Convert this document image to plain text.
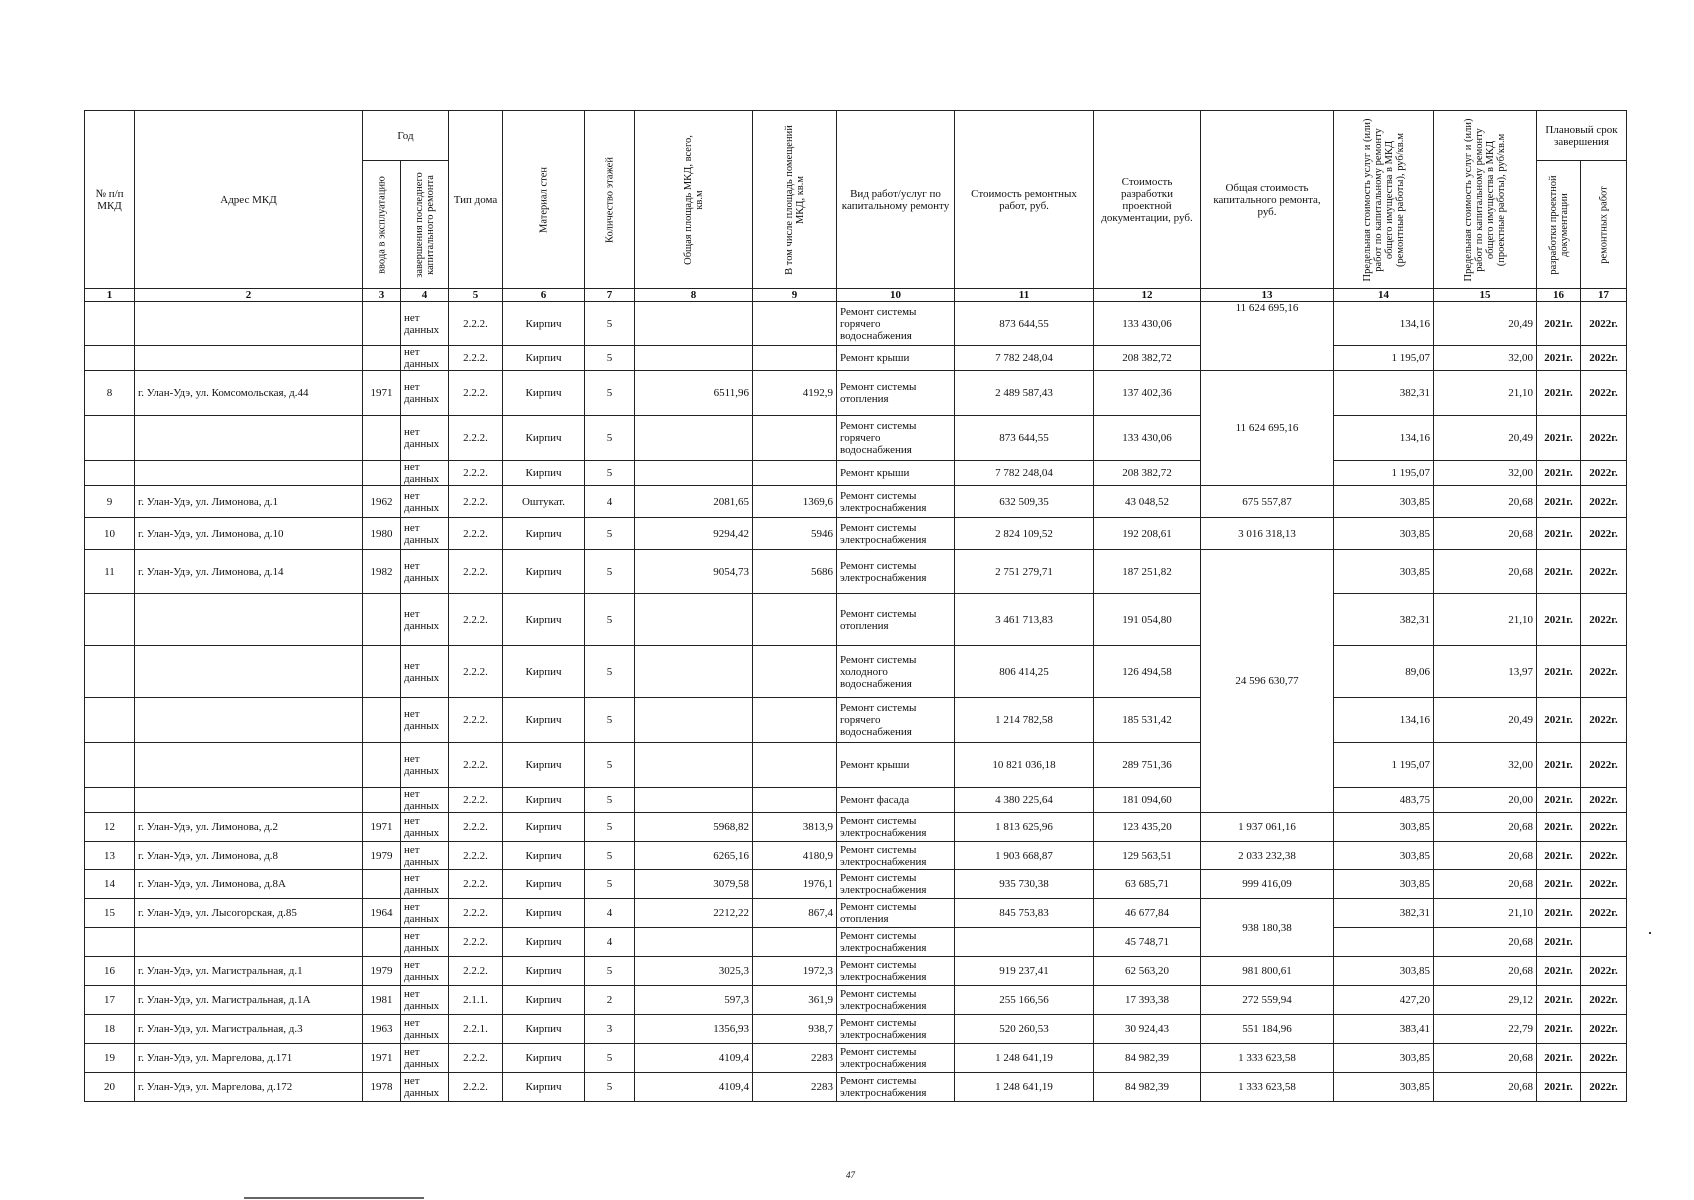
№ п/п МКД	Адрес МКД	Год		Тип дома	Материал стен	Количество этажей	Общая площадь МКД, всего, кв.м	В том числе площадь помещений МКД, кв.м	Вид работ/услуг по капитальному ремонту	Стоимость ремонтных работ, руб.	Стоимость разработки проектной документации, руб.	Общая стоимость капитального ремонта, руб.	Предельная стоимость услуг и (или) работ по капитальному ремонту общего имущества в МКД (ремонтные работы), руб/кв.м	Предельная стоимость услуг и (или) работ по капитальному ремонту общего имущества в МКД (проектные работы), руб/кв.м	Плановый срок завершения	

		ввода в эксплуатацию	завершения последнего капитального ремонта												разработки проектной документации	ремонтных работ

1	2	3	4	5	6	7	8	9	10	11	12	13	14	15	16	17
			нет данных	2.2.2.	Кирпич	5			Ремонт системы горячего водоснабжения	873 644,55	133 430,06	11 624 695,16	134,16	20,49	2021г.	2022г.
			нет данных	2.2.2.	Кирпич	5			Ремонт крыши	7 782 248,04	208 382,72		1 195,07	32,00	2021г.	2022г.
8	г. Улан-Удэ, ул. Комсомольская, д.44	1971	нет данных	2.2.2.	Кирпич	5	6511,96	4192,9	Ремонт системы отопления	2 489 587,43	137 402,36	11 624 695,16	382,31	21,10	2021г.	2022г.
			нет данных	2.2.2.	Кирпич	5			Ремонт системы горячего водоснабжения	873 644,55	133 430,06		134,16	20,49	2021г.	2022г.
			нет данных	2.2.2.	Кирпич	5			Ремонт крыши	7 782 248,04	208 382,72		1 195,07	32,00	2021г.	2022г.
9	г. Улан-Удэ, ул. Лимонова, д.1	1962	нет данных	2.2.2.	Оштукат.	4	2081,65	1369,6	Ремонт системы электроснабжения	632 509,35	43 048,52	675 557,87	303,85	20,68	2021г.	2022г.
10	г. Улан-Удэ, ул. Лимонова, д.10	1980	нет данных	2.2.2.	Кирпич	5	9294,42	5946	Ремонт системы электроснабжения	2 824 109,52	192 208,61	3 016 318,13	303,85	20,68	2021г.	2022г.
11	г. Улан-Удэ, ул. Лимонова, д.14	1982	нет данных	2.2.2.	Кирпич	5	9054,73	5686	Ремонт системы электроснабжения	2 751 279,71	187 251,82	24 596 630,77	303,85	20,68	2021г.	2022г.
			нет данных	2.2.2.	Кирпич	5			Ремонт системы отопления	3 461 713,83	191 054,80		382,31	21,10	2021г.	2022г.
			нет данных	2.2.2.	Кирпич	5			Ремонт системы холодного водоснабжения	806 414,25	126 494,58		89,06	13,97	2021г.	2022г.
			нет данных	2.2.2.	Кирпич	5			Ремонт системы горячего водоснабжения	1 214 782,58	185 531,42		134,16	20,49	2021г.	2022г.
			нет данных	2.2.2.	Кирпич	5			Ремонт крыши	10 821 036,18	289 751,36		1 195,07	32,00	2021г.	2022г.
			нет данных	2.2.2.	Кирпич	5			Ремонт фасада	4 380 225,64	181 094,60		483,75	20,00	2021г.	2022г.
12	г. Улан-Удэ, ул. Лимонова, д.2	1971	нет данных	2.2.2.	Кирпич	5	5968,82	3813,9	Ремонт системы электроснабжения	1 813 625,96	123 435,20	1 937 061,16	303,85	20,68	2021г.	2022г.
13	г. Улан-Удэ, ул. Лимонова, д.8	1979	нет данных	2.2.2.	Кирпич	5	6265,16	4180,9	Ремонт системы электроснабжения	1 903 668,87	129 563,51	2 033 232,38	303,85	20,68	2021г.	2022г.
14	г. Улан-Удэ, ул. Лимонова, д.8А		нет данных	2.2.2.	Кирпич	5	3079,58	1976,1	Ремонт системы электроснабжения	935 730,38	63 685,71	999 416,09	303,85	20,68	2021г.	2022г.
15	г. Улан-Удэ, ул. Лысогорская, д.85	1964	нет данных	2.2.2.	Кирпич	4	2212,22	867,4	Ремонт системы отопления	845 753,83	46 677,84	938 180,38	382,31	21,10	2021г.	2022г.
			нет данных	2.2.2.	Кирпич	4			Ремонт системы электроснабжения		45 748,71			20,68	2021г.	
16	г. Улан-Удэ, ул. Магистральная, д.1	1979	нет данных	2.2.2.	Кирпич	5	3025,3	1972,3	Ремонт системы электроснабжения	919 237,41	62 563,20	981 800,61	303,85	20,68	2021г.	2022г.
17	г. Улан-Удэ, ул. Магистральная, д.1А	1981	нет данных	2.1.1.	Кирпич	2	597,3	361,9	Ремонт системы электроснабжения	255 166,56	17 393,38	272 559,94	427,20	29,12	2021г.	2022г.
18	г. Улан-Удэ, ул. Магистральная, д.3	1963	нет данных	2.2.1.	Кирпич	3	1356,93	938,7	Ремонт системы электроснабжения	520 260,53	30 924,43	551 184,96	383,41	22,79	2021г.	2022г.
19	г. Улан-Удэ, ул. Маргелова, д.171	1971	нет данных	2.2.2.	Кирпич	5	4109,4	2283	Ремонт системы электроснабжения	1 248 641,19	84 982,39	1 333 623,58	303,85	20,68	2021г.	2022г.
20	г. Улан-Удэ, ул. Маргелова, д.172	1978	нет данных	2.2.2.	Кирпич	5	4109,4	2283	Ремонт системы электроснабжения	1 248 641,19	84 982,39	1 333 623,58	303,85	20,68	2021г.	2022г.
47
